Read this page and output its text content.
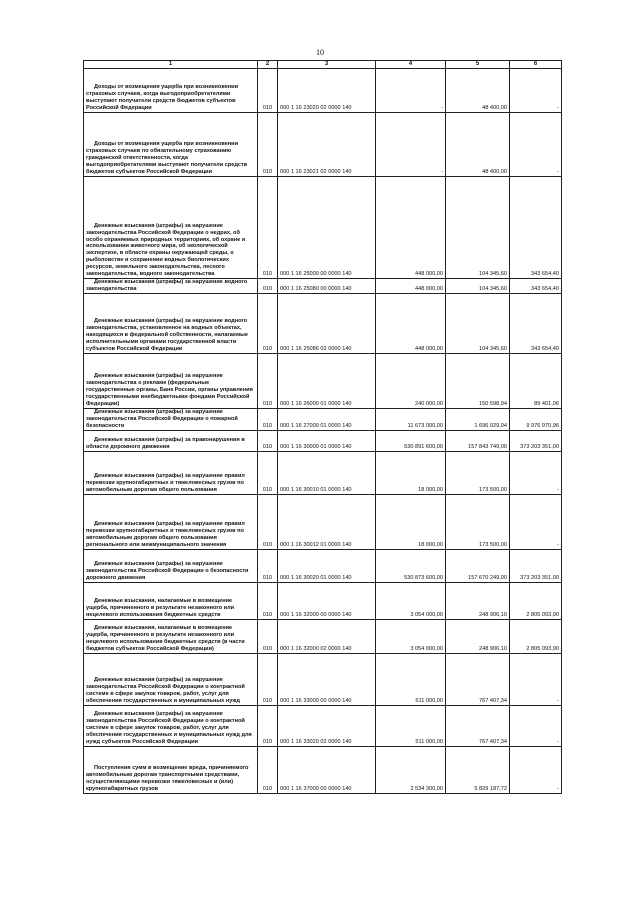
10
1	2	3	4	5	6
Доходы от возмещения ущерба при возникновении страховых случаев, когда выгодоприобретателями выступают получатели средств бюджетов субъектов Российской Федерации	010	000 1 16 23020 02 0000 140	-	48 400,00	-
Доходы от возмещения ущерба при возникновении страховых случаев по обязательному страхованию гражданской ответственности, когда выгодоприобретателями выступают получатели средств бюджетов субъектов Российской Федерации	010	000 1 16 23021 02 0000 140	-	48 400,00	-
Денежные взыскания (штрафы) за нарушение законодательства Российской Федерации о недрах, об особо охраняемых природных территориях, об охране и использовании животного мира, об экологической экспертизе, в области охраны окружающей среды, о рыболовстве и сохранении водных биологических ресурсов, земельного законодательства, лесного законодательства, водного законодательства	010	000 1 16 25000 00 0000 140	448 000,00	104 345,60	343 654,40
Денежные взыскания (штрафы) за нарушение водного законодательства	010	000 1 16 25080 00 0000 140	448 000,00	104 345,60	343 654,40
Денежные взыскания (штрафы) за нарушение водного законодательства, установленное на водных объектах, находящихся в федеральной собственности, налагаемые исполнительными органами государственной власти субъектов Российской Федерации	010	000 1 16 25086 02 0000 140	448 000,00	104 345,60	343 654,40
Денежные взыскания (штрафы) за нарушение законодательства о рекламе (федеральные государственные органы, Банк России, органы управления государственными внебюджетными фондами Российской Федерации)	010	000 1 16 26000 01 0000 140	240 000,00	150 598,94	89 401,06
Денежные взыскания (штрафы) за нарушение законодательства Российской Федерации о пожарной безопасности	010	000 1 16 27000 01 0000 140	11 673 000,00	1 696 029,04	9 976 970,96
Денежные взыскания (штрафы) за правонарушения в области дорожного движения	010	000 1 16 30000 01 0000 140	530 891 600,00	157 843 749,00	373 203 351,00
Денежные взыскания (штрафы) за нарушение правил перевозки крупногабаритных и тяжеловесных грузов по автомобильным дорогам общего пользования	010	000 1 16 30010 01 0000 140	18 000,00	173 500,00	-
Денежные взыскания (штрафы) за нарушение правил перевозки крупногабаритных и тяжеловесных грузов по автомобильным дорогам общего пользования регионального или межмуниципального значения	010	000 1 16 30012 01 0000 140	18 000,00	173 500,00	-
Денежные взыскания (штрафы) за нарушение законодательства Российской Федерации о безопасности дорожного движения	010	000 1 16 30020 01 0000 140	530 873 600,00	157 670 249,00	373 203 351,00
Денежные взыскания, налагаемые в возмещение ущерба, причиненного в результате незаконного или нецелевого использования бюджетных средств	010	000 1 16 32000 00 0000 140	3 054 000,00	248 906,10	2 805 093,90
Денежные взыскания, налагаемые в возмещение ущерба, причиненного в результате незаконного или нецелевого использования бюджетных средств (в части бюджетов субъектов Российской Федерации)	010	000 1 16 32000 02 0000 140	3 054 000,00	248 906,10	2 805 093,90
Денежные взыскания (штрафы) за нарушение законодательства Российской Федерации о контрактной системе в сфере закупок товаров, работ, услуг для обеспечения государственных и муниципальных нужд	010	000 1 16 33000 00 0000 140	511 000,00	767 407,34	-
Денежные взыскания (штрафы) за нарушение законодательства Российской Федерации о контрактной системе в сфере закупок товаров, работ, услуг для обеспечения государственных и муниципальных нужд для нужд субъектов Российской Федерации	010	000 1 16 33020 02 0000 140	511 000,00	767 407,34	-
Поступления сумм в возмещение вреда, причиняемого автомобильным дорогам транспортными средствами, осуществляющими перевозки тяжеловесных и (или) крупногабаритных грузов	010	000 1 16 37000 00 0000 140	2 534 300,00	5 829 187,72	-
